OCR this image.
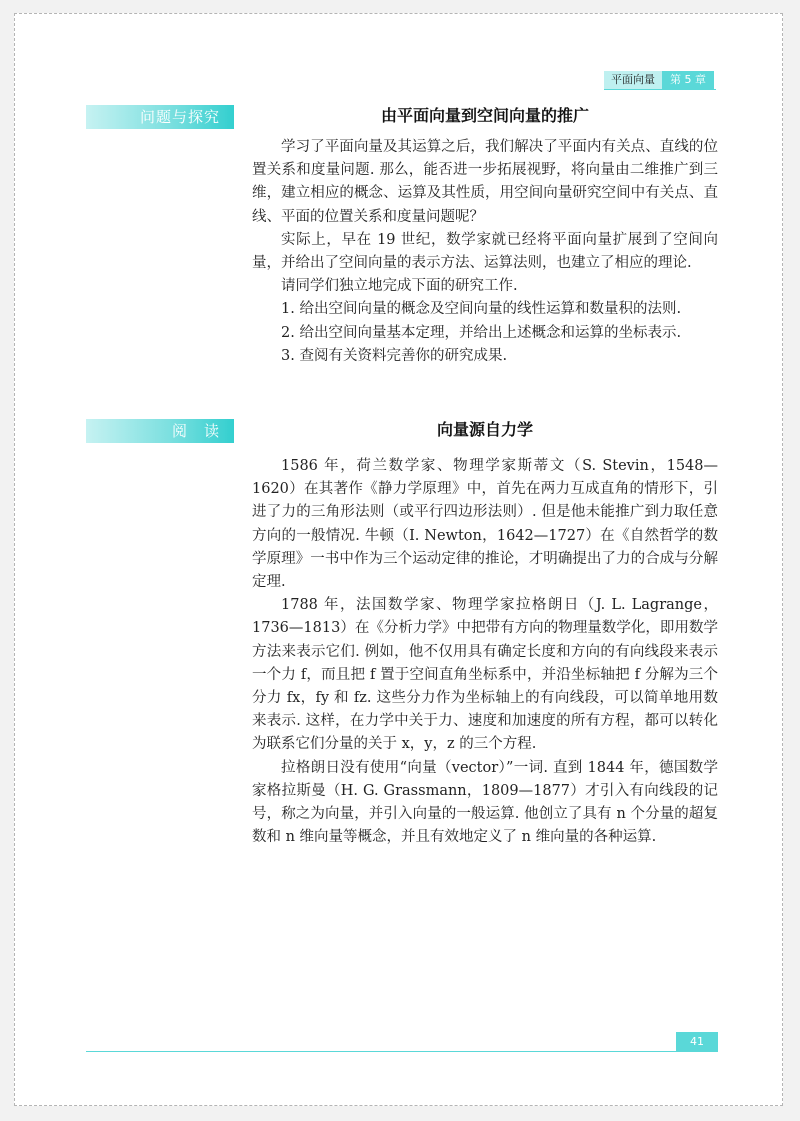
平面向量	第 5 章
问题与探究	由平面向量到空间向量的推广

学习了平面向量及其运算之后，我们解决了平面内有关点、直线的位置关系和度量问题. 那么，能否进一步拓展视野，将向量由二维推广到三维，建立相应的概念、运算及其性质，用空间向量研究空间中有关点、直线、平面的位置关系和度量问题呢？

实际上，早在 19 世纪，数学家就已经将平面向量扩展到了空间向量，并给出了空间向量的表示方法、运算法则，也建立了相应的理论.

请同学们独立地完成下面的研究工作.

1. 给出空间向量的概念及空间向量的线性运算和数量积的法则.

2. 给出空间向量基本定理，并给出上述概念和运算的坐标表示.

3. 查阅有关资料完善你的研究成果.

阅　读	向量源自力学

1586 年，荷兰数学家、物理学家斯蒂文（S. Stevin，1548—1620）在其著作《静力学原理》中，首先在两力互成直角的情形下，引进了力的三角形法则（或平行四边形法则）. 但是他未能推广到力取任意方向的一般情况. 牛顿（I. Newton，1642—1727）在《自然哲学的数学原理》一书中作为三个运动定律的推论，才明确提出了力的合成与分解定理.

1788 年，法国数学家、物理学家拉格朗日（J. L. Lagrange，1736—1813）在《分析力学》中把带有方向的物理量数学化，即用数学方法来表示它们. 例如，他不仅用具有确定长度和方向的有向线段来表示一个力 f，而且把 f 置于空间直角坐标系中，并沿坐标轴把 f 分解为三个分力 fx，fy 和 fz. 这些分力作为坐标轴上的有向线段，可以简单地用数来表示. 这样，在力学中关于力、速度和加速度的所有方程，都可以转化为联系它们分量的关于 x，y，z 的三个方程.

拉格朗日没有使用“向量（vector）”一词. 直到 1844 年，德国数学家格拉斯曼（H. G. Grassmann，1809—1877）才引入有向线段的记号，称之为向量，并引入向量的一般运算. 他创立了具有 n 个分量的超复数和 n 维向量等概念，并且有效地定义了 n 维向量的各种运算.

41
